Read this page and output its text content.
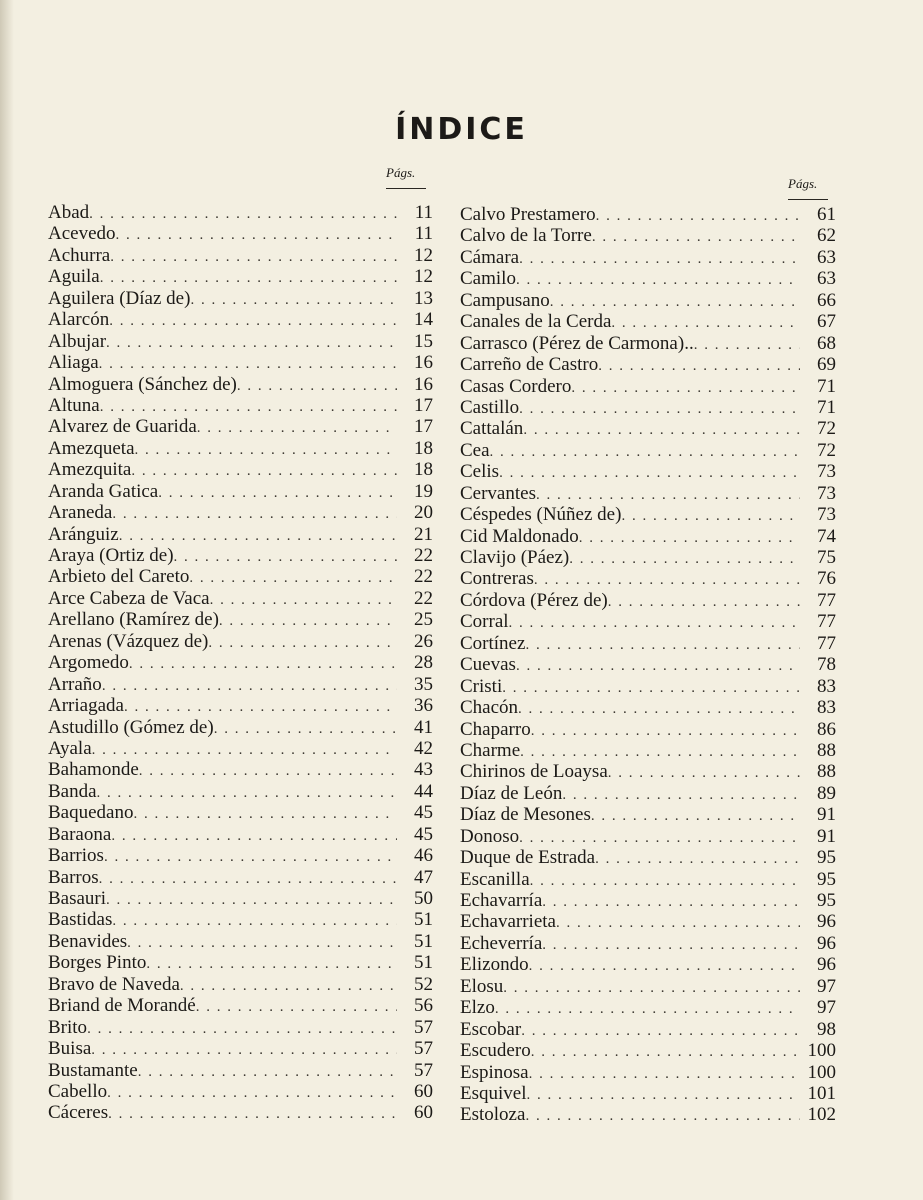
ÍNDICE
Págs.
Págs.
Abad . . .	11
Acevedo . . .	11
Achurra . . .	12
Aguila . . .	12
Aguilera (Díaz de) . . .	13
Alarcón . . .	14
Albujar . . .	15
Aliaga . . .	16
Almoguera (Sánchez de) . . .	16
Altuna . . .	17
Alvarez de Guarida . . .	17
Amezqueta . . .	18
Amezquita . . .	18
Aranda Gatica . . .	19
Araneda . . .	20
Aránguiz . . .	21
Araya (Ortiz de) . . .	22
Arbieto del Careto . . .	22
Arce Cabeza de Vaca . . .	22
Arellano (Ramírez de) . . .	25
Arenas (Vázquez de) . . .	26
Argomedo . . .	28
Arraño . . .	35
Arriagada . . .	36
Astudillo (Gómez de) . . .	41
Ayala . . .	42
Bahamonde . . .	43
Banda . . .	44
Baquedano . . .	45
Baraona . . .	45
Barrios . . .	46
Barros . . .	47
Basauri . . .	50
Bastidas . . .	51
Benavides . . .	51
Borges Pinto . . .	51
Bravo de Naveda . . .	52
Briand de Morandé . . .	56
Brito . . .	57
Buisa . . .	57
Bustamante . . .	57
Cabello . . .	60
Cáceres . . .	60
Calvo Prestamero . . .	61
Calvo de la Torre . . .	62
Cámara . . .	63
Camilo . . .	63
Campusano . . .	66
Canales de la Cerda . . .	67
Carrasco (Pérez de Carmona).. . . .	68
Carreño de Castro . . .	69
Casas Cordero . . .	71
Castillo . . .	71
Cattalán . . .	72
Cea . . .	72
Celis . . .	73
Cervantes . . .	73
Céspedes (Núñez de) . . .	73
Cid Maldonado . . .	74
Clavijo (Páez) . . .	75
Contreras . . .	76
Córdova (Pérez de) . . .	77
Corral . . .	77
Cortínez . . .	77
Cuevas . . .	78
Cristi . . .	83
Chacón . . .	83
Chaparro . . .	86
Charme . . .	88
Chirinos de Loaysa . . .	88
Díaz de León . . .	89
Díaz de Mesones . . .	91
Donoso . . .	91
Duque de Estrada . . .	95
Escanilla . . .	95
Echavarría . . .	95
Echavarrieta . . .	96
Echeverría . . .	96
Elizondo . . .	96
Elosu . . .	97
Elzo . . .	97
Escobar . . .	98
Escudero . . .	100
Espinosa . . .	100
Esquivel . . .	101
Estoloza . . .	102
